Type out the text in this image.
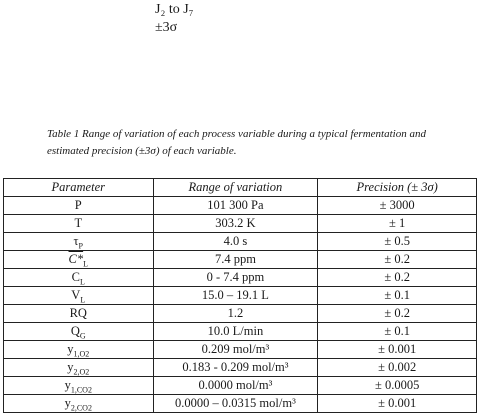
J₂ to J₇
±3σ
Table 1 Range of variation of each process variable during a typical fermentation and
estimated precision (±3σ) of each variable.
Parameter	Range of variation	Precision (± 3σ)
P	101 300 Pa	± 3000
T	303.2 K	± 1
$\tau_P$	4.0 s	± 0.5
$C*_L$	7.4 ppm	± 0.2
$C_L$	0 - 7.4 ppm	± 0.2
$V_L$	15.0 – 19.1 L	± 0.1
RQ	1.2	± 0.2
$Q_G$	10.0 L/min	± 0.1
$y_{1,O2}$	0.209 mol/m³	± 0.001
$y_{2,O2}$	0.183 - 0.209 mol/m³	± 0.002
$y_{1,CO2}$	0.0000 mol/m³	± 0.0005
$y_{2,CO2}$	0.0000 – 0.0315 mol/m³	± 0.001
